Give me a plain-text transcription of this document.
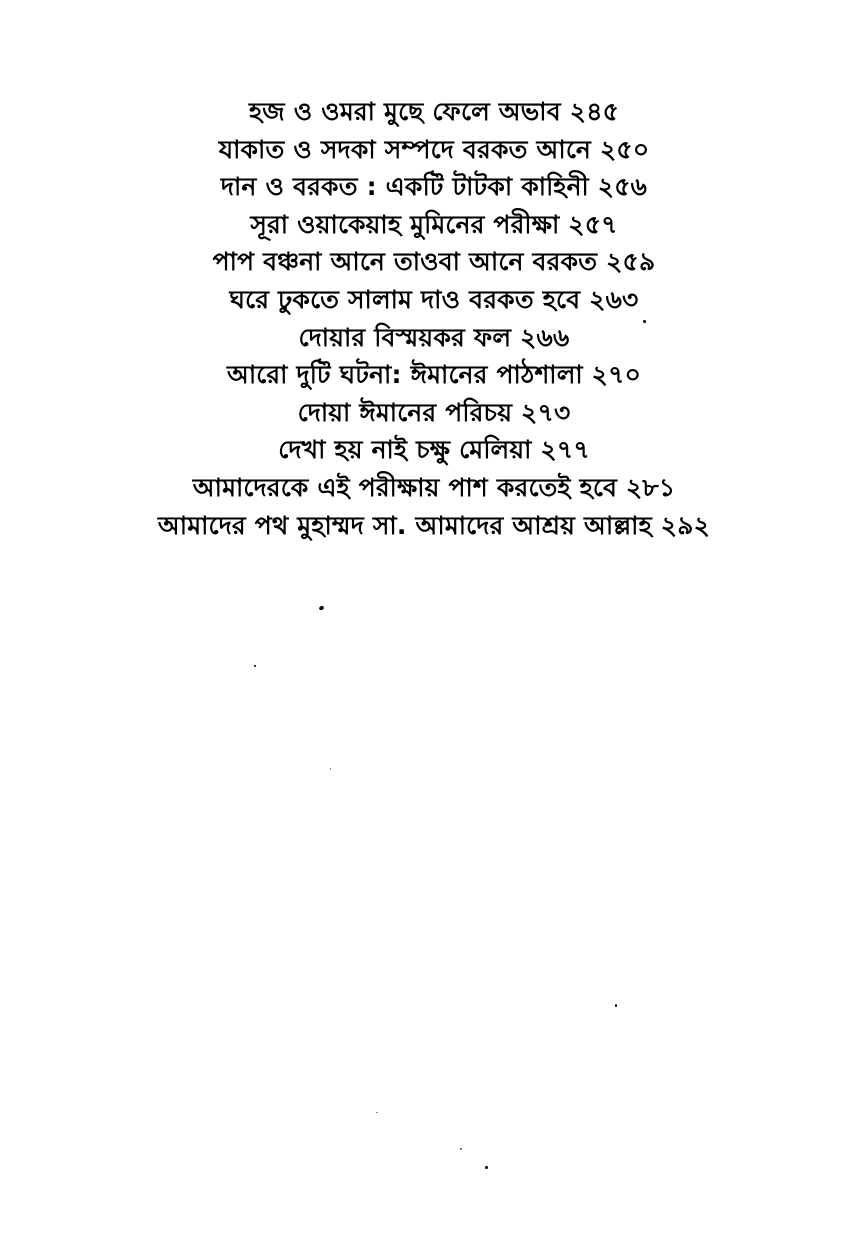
হজ ও ওমরা মুছে ফেলে অভাব ২৪৫
যাকাত ও সদকা সম্পদে বরকত আনে ২৫০
দান ও বরকত : একটি টাটকা কাহিনী ২৫৬
সূরা ওয়াকেয়াহ মুমিনের পরীক্ষা ২৫৭
পাপ বঞ্চনা আনে তাওবা আনে বরকত ২৫৯
ঘরে ঢুকতে সালাম দাও বরকত হবে ২৬৩
দোয়ার বিস্ময়কর ফল ২৬৬
আরো দুটি ঘটনা: ঈমানের পাঠশালা ২৭০
দোয়া ঈমানের পরিচয় ২৭৩
দেখা হয় নাই চক্ষু মেলিয়া ২৭৭
আমাদেরকে এই পরীক্ষায় পাশ করতেই হবে ২৮১
আমাদের পথ মুহাম্মদ সা. আমাদের আশ্রয় আল্লাহ ২৯২
